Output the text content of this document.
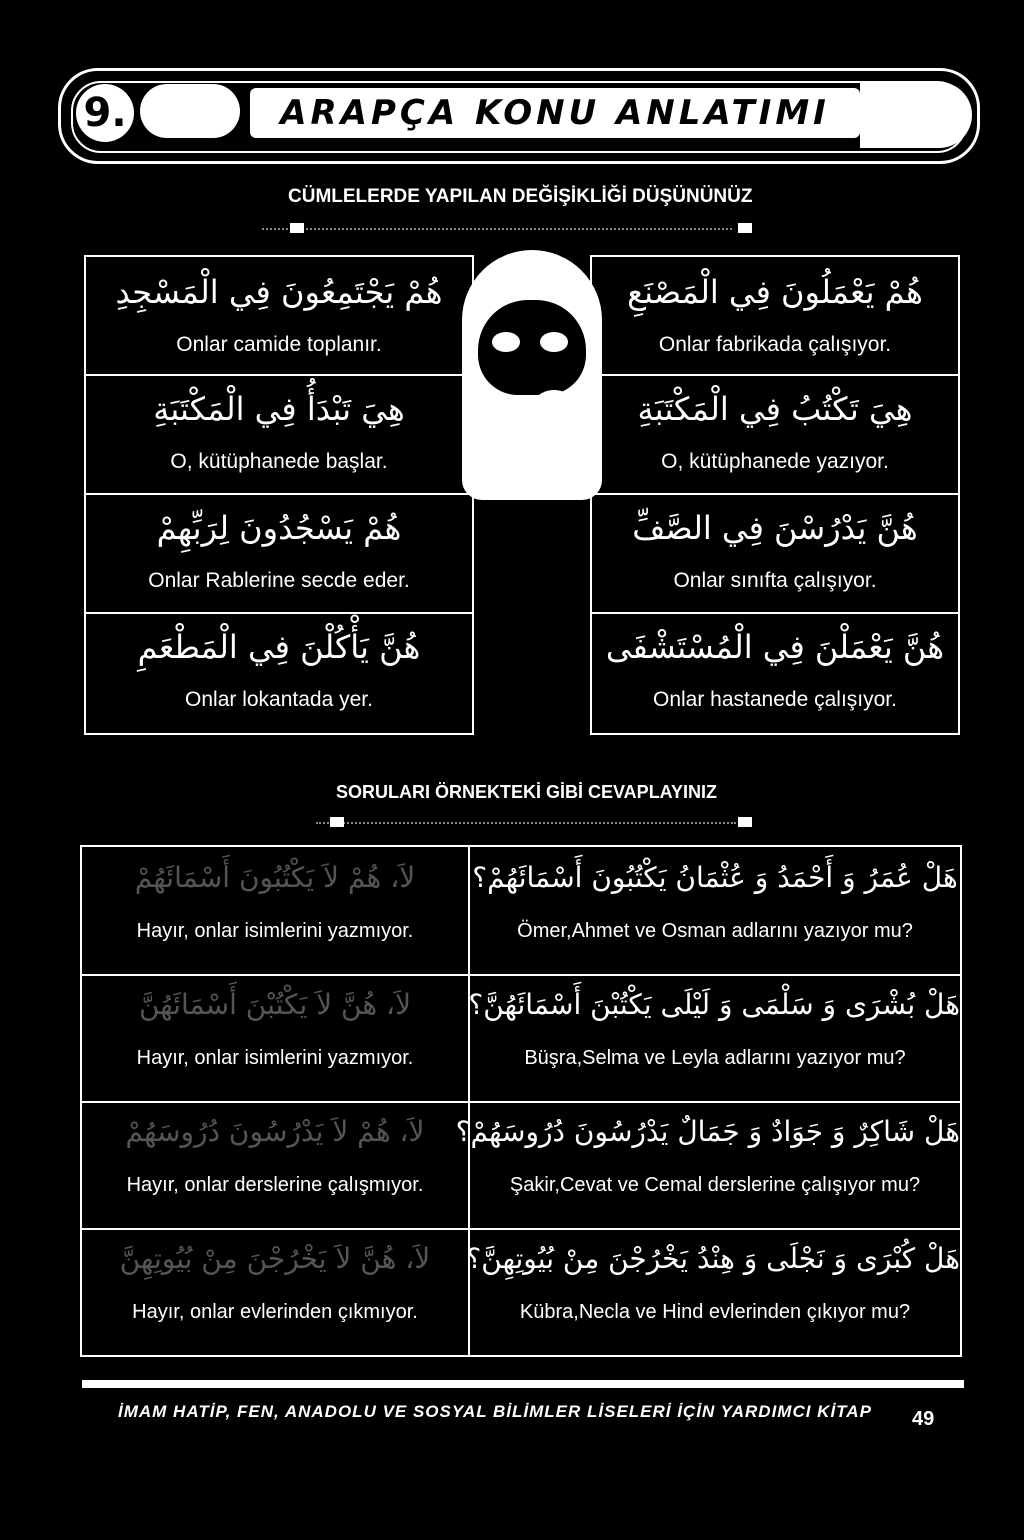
9.	ARAPÇA KONU ANLATIMI
CÜMLELERDE YAPILAN DEĞİŞİKLİĞİ DÜŞÜNÜNÜZ
هُمْ يَجْتَمِعُونَ فِي الْمَسْجِدِ
Onlar camide toplanır.
هِيَ تَبْدَأُ فِي الْمَكْتَبَةِ
O, kütüphanede başlar.
هُمْ يَسْجُدُونَ لِرَبِّهِمْ
Onlar Rablerine secde eder.
هُنَّ يَأْكُلْنَ فِي الْمَطْعَمِ
Onlar lokantada yer.
هُمْ يَعْمَلُونَ فِي الْمَصْنَعِ
Onlar fabrikada çalışıyor.
هِيَ تَكْتُبُ فِي الْمَكْتَبَةِ
O, kütüphanede yazıyor.
هُنَّ يَدْرُسْنَ فِي الصَّفِّ
Onlar sınıfta çalışıyor.
هُنَّ يَعْمَلْنَ فِي الْمُسْتَشْفَى
Onlar hastanede çalışıyor.
SORULARI ÖRNEKTEKİ GİBİ CEVAPLAYINIZ
لاَ، هُمْ لاَ يَكْتُبُونَ أَسْمَائَهُمْ
Hayır, onlar isimlerini yazmıyor.
هَلْ عُمَرُ وَ أَحْمَدُ وَ عُثْمَانُ يَكْتُبُونَ أَسْمَائَهُمْ؟
Ömer,Ahmet ve Osman adlarını yazıyor mu?
لاَ، هُنَّ لاَ يَكْتُبْنَ أَسْمَائَهُنَّ
Hayır, onlar isimlerini yazmıyor.
هَلْ بُشْرَى وَ سَلْمَى وَ لَيْلَى يَكْتُبْنَ أَسْمَائَهُنَّ؟
Büşra,Selma ve Leyla adlarını yazıyor mu?
لاَ، هُمْ لاَ يَدْرُسُونَ دُرُوسَهُمْ
Hayır, onlar derslerine çalışmıyor.
هَلْ شَاكِرٌ وَ جَوَادٌ وَ جَمَالٌ يَدْرُسُونَ دُرُوسَهُمْ؟
Şakir,Cevat ve Cemal derslerine çalışıyor mu?
لاَ، هُنَّ لاَ يَخْرُجْنَ مِنْ بُيُوتِهِنَّ
Hayır, onlar evlerinden çıkmıyor.
هَلْ كُبْرَى وَ نَجْلَى وَ هِنْدُ يَخْرُجْنَ مِنْ بُيُوتِهِنَّ؟
Kübra,Necla ve Hind evlerinden çıkıyor mu?
İMAM HATİP, FEN, ANADOLU VE SOSYAL BİLİMLER LİSELERİ İÇİN YARDIMCI KİTAP	49
